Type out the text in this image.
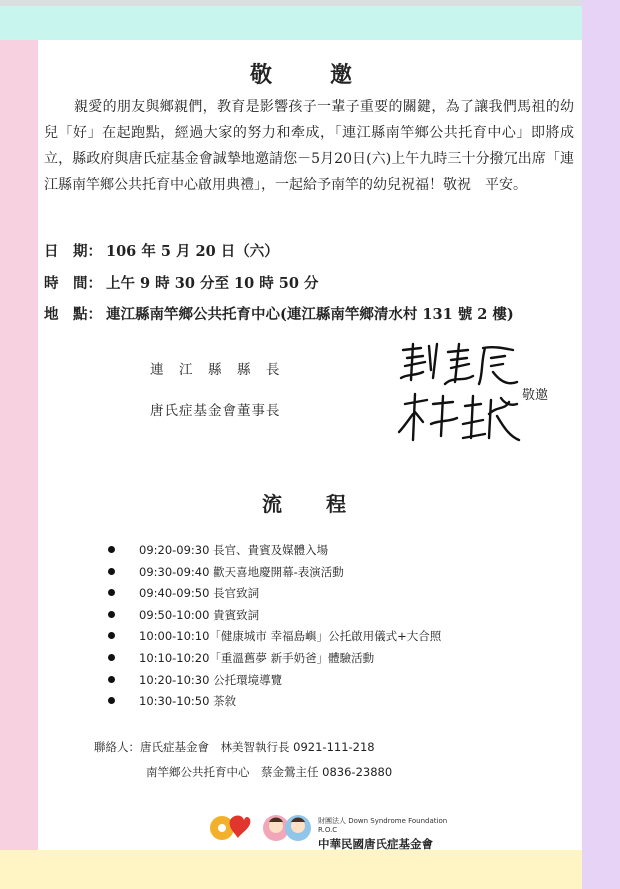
敬　邀
親愛的朋友與鄉親們，教育是影響孩子一輩子重要的關鍵，為了讓我們馬祖的幼兒「好」在起跑點，經過大家的努力和牽成，「連江縣南竿鄉公共托育中心」即將成立，縣政府與唐氏症基金會誠摯地邀請您－5月20日(六)上午九時三十分撥冗出席「連江縣南竿鄉公共托育中心啟用典禮」，一起給予南竿的幼兒祝福！敬祝　平安。
日　期： 106 年 5 月 20 日（六）
時　間： 上午 9 時 30 分至 10 時 50 分
地　點： 連江縣南竿鄉公共托育中心(連江縣南竿鄉清水村 131 號 2 樓)
連　江　縣　縣　長
唐氏症基金會董事長
敬邀
流　程
09:20-09:30 長官、貴賓及媒體入場
09:30-09:40 歡天喜地慶開幕-表演活動
09:40-09:50 長官致詞
09:50-10:00 貴賓致詞
10:00-10:10「健康城市 幸福島嶼」公托啟用儀式+大合照
10:10-10:20「重溫舊夢 新手奶爸」體驗活動
10:20-10:30 公托環境導覽
10:30-10:50 茶敘
聯絡人：唐氏症基金會　林美智執行長 0921-111-218
南竿鄉公共托育中心　蔡金鶯主任 0836-23880
財團法人 Down Syndrome Foundation R.O.C
中華民國唐氏症基金會
